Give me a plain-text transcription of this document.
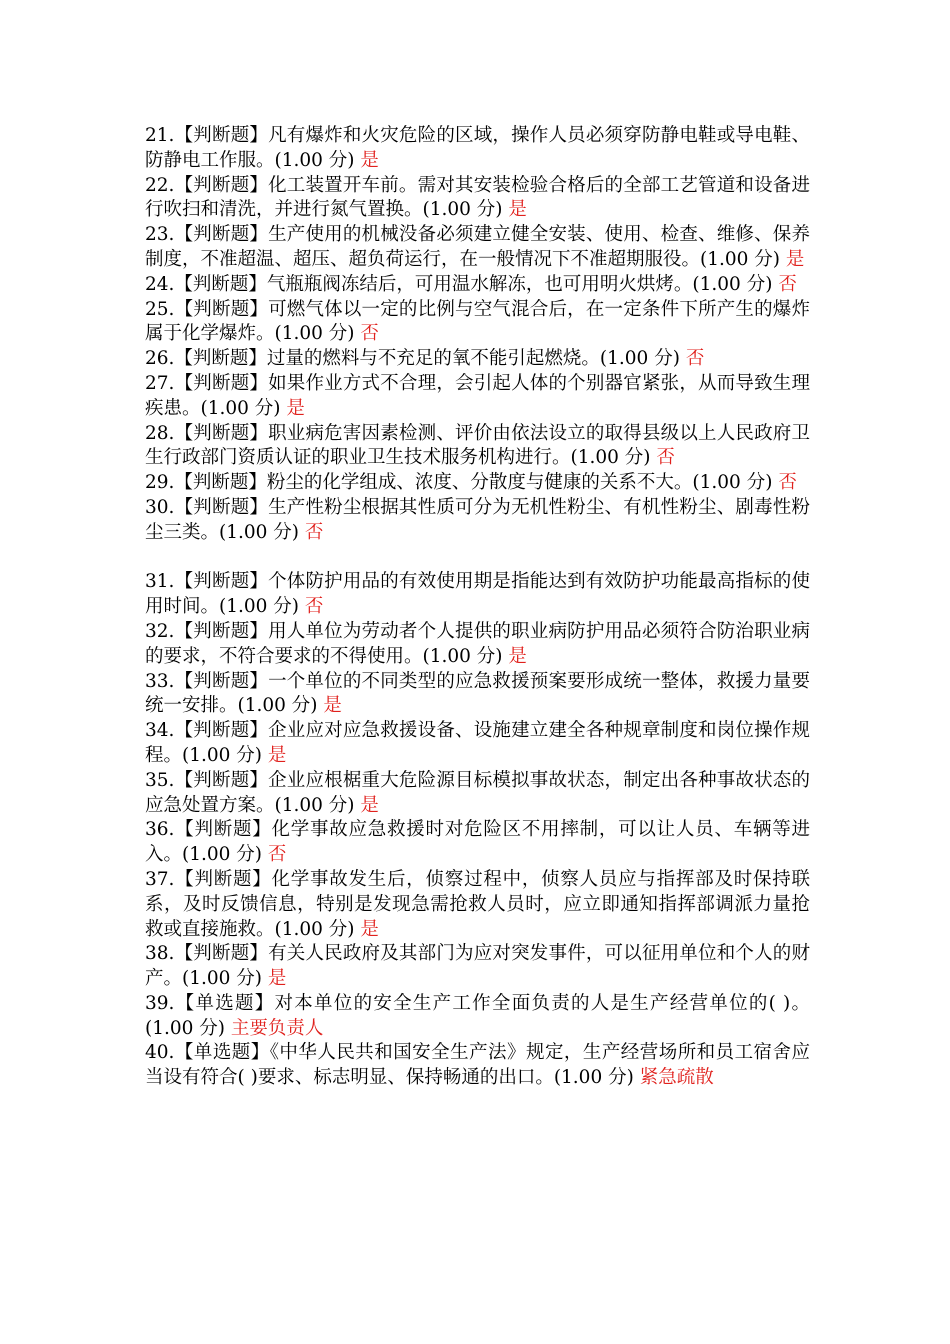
21.【判断题】凡有爆炸和火灾危险的区域，操作人员必须穿防静电鞋或导电鞋、防静电工作服。(1.00 分) 是

22.【判断题】化工装置开车前。需对其安装检验合格后的全部工艺管道和设备进行吹扫和清洗，并进行氮气置换。(1.00 分) 是

23.【判断题】生产使用的机械没备必须建立健全安装、使用、检查、维修、保养制度，不准超温、超压、超负荷运行，在一般情况下不准超期服役。(1.00 分) 是

24.【判断题】气瓶瓶阀冻结后，可用温水解冻，也可用明火烘烤。(1.00 分) 否

25.【判断题】可燃气体以一定的比例与空气混合后，在一定条件下所产生的爆炸属于化学爆炸。(1.00 分) 否

26.【判断题】过量的燃料与不充足的氧不能引起燃烧。(1.00 分) 否

27.【判断题】如果作业方式不合理，会引起人体的个别器官紧张，从而导致生理疾患。(1.00 分) 是

28.【判断题】职业病危害因素检测、评价由依法设立的取得县级以上人民政府卫生行政部门资质认证的职业卫生技术服务机构进行。(1.00 分) 否

29.【判断题】粉尘的化学组成、浓度、分散度与健康的关系不大。(1.00 分) 否

30.【判断题】生产性粉尘根据其性质可分为无机性粉尘、有机性粉尘、剧毒性粉尘三类。(1.00 分) 否

31.【判断题】个体防护用品的有效使用期是指能达到有效防护功能最高指标的使用时间。(1.00 分) 否

32.【判断题】用人单位为劳动者个人提供的职业病防护用品必须符合防治职业病的要求，不符合要求的不得使用。(1.00 分) 是

33.【判断题】一个单位的不同类型的应急救援预案要形成统一整体，救援力量要统一安排。(1.00 分) 是

34.【判断题】企业应对应急救援设备、设施建立建全各种规章制度和岗位操作规程。(1.00 分) 是

35.【判断题】企业应根椐重大危险源目标模拟事故状态，制定出各种事故状态的应急处置方案。(1.00 分) 是

36.【判断题】化学事故应急救援时对危险区不用摔制，可以让人员、车辆等进入。(1.00 分) 否

37.【判断题】化学事故发生后，侦察过程中，侦察人员应与指挥部及时保持联系，及时反馈信息，特别是发现急需抢救人员时，应立即通知指挥部调派力量抢救或直接施救。(1.00 分) 是

38.【判断题】有关人民政府及其部门为应对突发事件，可以征用单位和个人的财产。(1.00 分) 是

39.【单选题】对本单位的安全生产工作全面负责的人是生产经营单位的( )。(1.00 分) 主要负责人

40.【单选题】《中华人民共和国安全生产法》规定，生产经营场所和员工宿舍应当设有符合( )要求、标志明显、保持畅通的出口。(1.00 分) 紧急疏散
